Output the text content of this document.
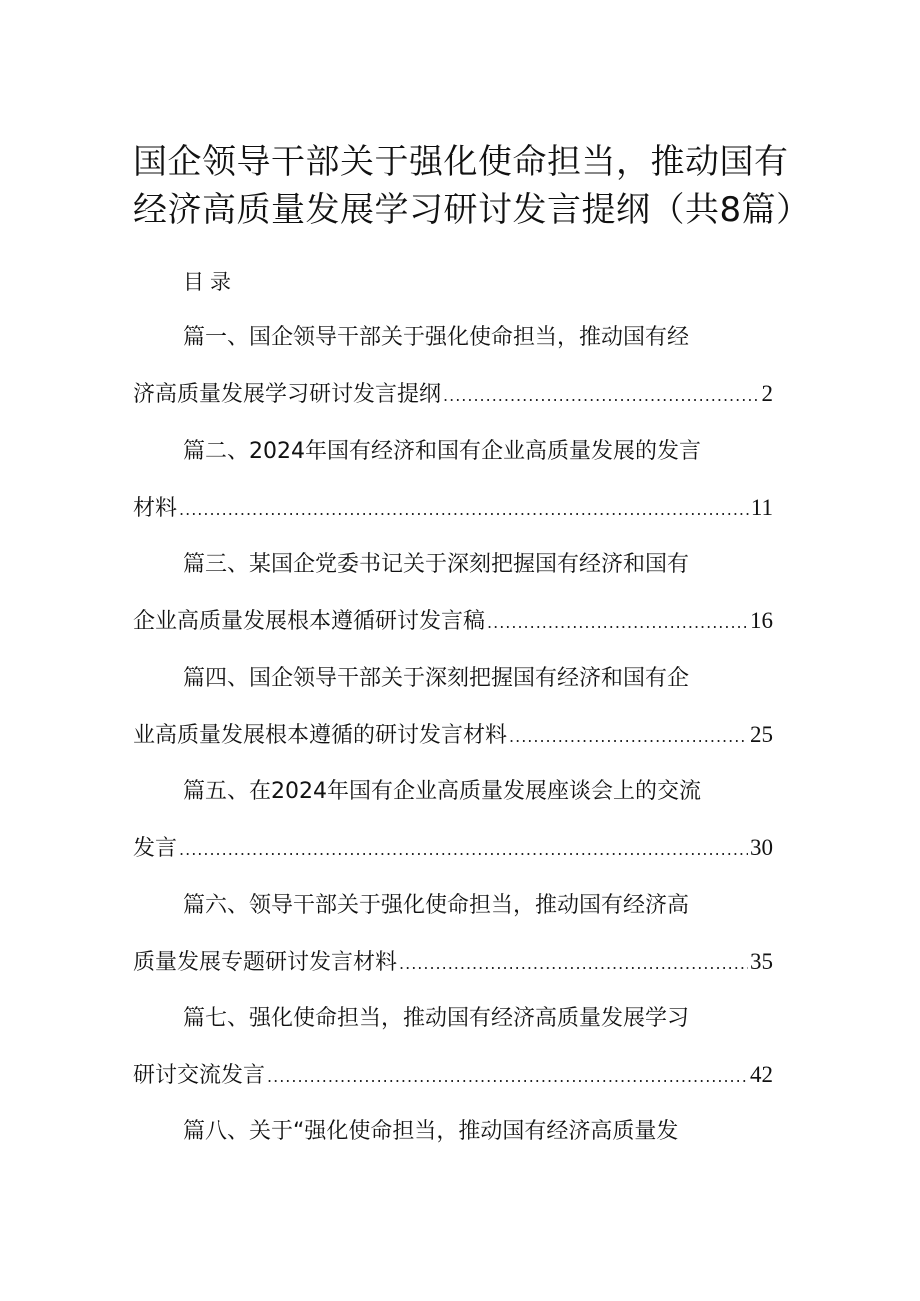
国企领导干部关于强化使命担当，推动国有经济高质量发展学习研讨发言提纲（共8篇）
目录
篇一、国企领导干部关于强化使命担当，推动国有经
济高质量发展学习研讨发言提纲 .....	2
篇二、2024年国有经济和国有企业高质量发展的发言
材料 .....	11
篇三、某国企党委书记关于深刻把握国有经济和国有
企业高质量发展根本遵循研讨发言稿 .....	16
篇四、国企领导干部关于深刻把握国有经济和国有企
业高质量发展根本遵循的研讨发言材料 .....	25
篇五、在2024年国有企业高质量发展座谈会上的交流
发言 .....	30
篇六、领导干部关于强化使命担当，推动国有经济高
质量发展专题研讨发言材料 .....	35
篇七、强化使命担当，推动国有经济高质量发展学习
研讨交流发言 .....	42
篇八、关于“强化使命担当，推动国有经济高质量发
